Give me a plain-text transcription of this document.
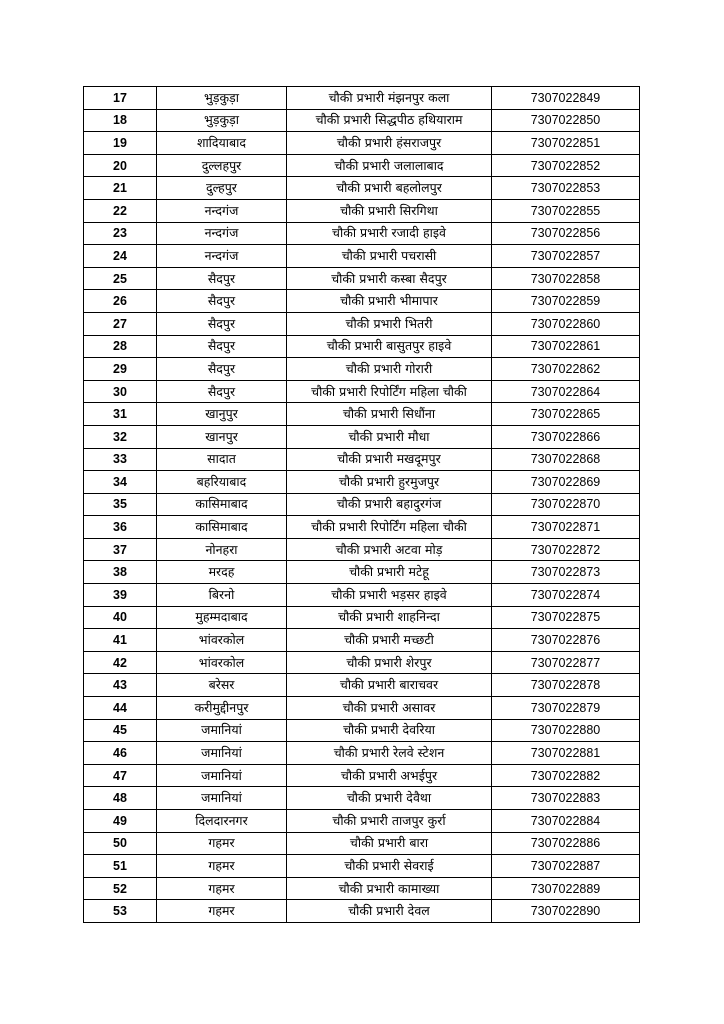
17	भुड़कुड़ा	चौकी प्रभारी मंझनपुर कला	7307022849
18	भुड़कुड़ा	चौकी प्रभारी सिद्धपीठ हथियाराम	7307022850
19	शादियाबाद	चौकी प्रभारी हंसराजपुर	7307022851
20	दुल्लहपुर	चौकी प्रभारी जलालाबाद	7307022852
21	दुल्हपुर	चौकी प्रभारी बहलोलपुर	7307022853
22	नन्दगंज	चौकी प्रभारी सिरगिथा	7307022855
23	नन्दगंज	चौकी प्रभारी रजादी हाइवे	7307022856
24	नन्दगंज	चौकी प्रभारी पचरासी	7307022857
25	सैदपुर	चौकी प्रभारी कस्बा सैदपुर	7307022858
26	सैदपुर	चौकी प्रभारी भीमापार	7307022859
27	सैदपुर	चौकी प्रभारी भितरी	7307022860
28	सैदपुर	चौकी प्रभारी बासुतपुर हाइवे	7307022861
29	सैदपुर	चौकी प्रभारी गोरारी	7307022862
30	सैदपुर	चौकी प्रभारी रिपोर्टिंग महिला चौकी	7307022864
31	खानुपुर	चौकी प्रभारी सिधौंना	7307022865
32	खानपुर	चौकी प्रभारी मौधा	7307022866
33	सादात	चौकी प्रभारी मखदूमपुर	7307022868
34	बहरियाबाद	चौकी प्रभारी हुरमुजपुर	7307022869
35	कासिमाबाद	चौकी प्रभारी बहादुरगंज	7307022870
36	कासिमाबाद	चौकी प्रभारी रिपोर्टिंग महिला चौकी	7307022871
37	नोनहरा	चौकी प्रभारी अटवा मोड़	7307022872
38	मरदह	चौकी प्रभारी मटेहू	7307022873
39	बिरनो	चौकी प्रभारी भड़सर हाइवे	7307022874
40	मुहम्मदाबाद	चौकी प्रभारी शाहनिन्दा	7307022875
41	भांवरकोल	चौकी प्रभारी मच्छटी	7307022876
42	भांवरकोल	चौकी प्रभारी शेरपुर	7307022877
43	बरेसर	चौकी प्रभारी बाराचवर	7307022878
44	करीमुद्दीनपुर	चौकी प्रभारी असावर	7307022879
45	जमानियां	चौकी प्रभारी देवरिया	7307022880
46	जमानियां	चौकी प्रभारी रेलवे स्टेशन	7307022881
47	जमानियां	चौकी प्रभारी अभईपुर	7307022882
48	जमानियां	चौकी प्रभारी देवैथा	7307022883
49	दिलदारनगर	चौकी प्रभारी ताजपुर कुर्रा	7307022884
50	गहमर	चौकी प्रभारी बारा	7307022886
51	गहमर	चौकी प्रभारी सेवराई	7307022887
52	गहमर	चौकी प्रभारी कामाख्या	7307022889
53	गहमर	चौकी प्रभारी देवल	7307022890
